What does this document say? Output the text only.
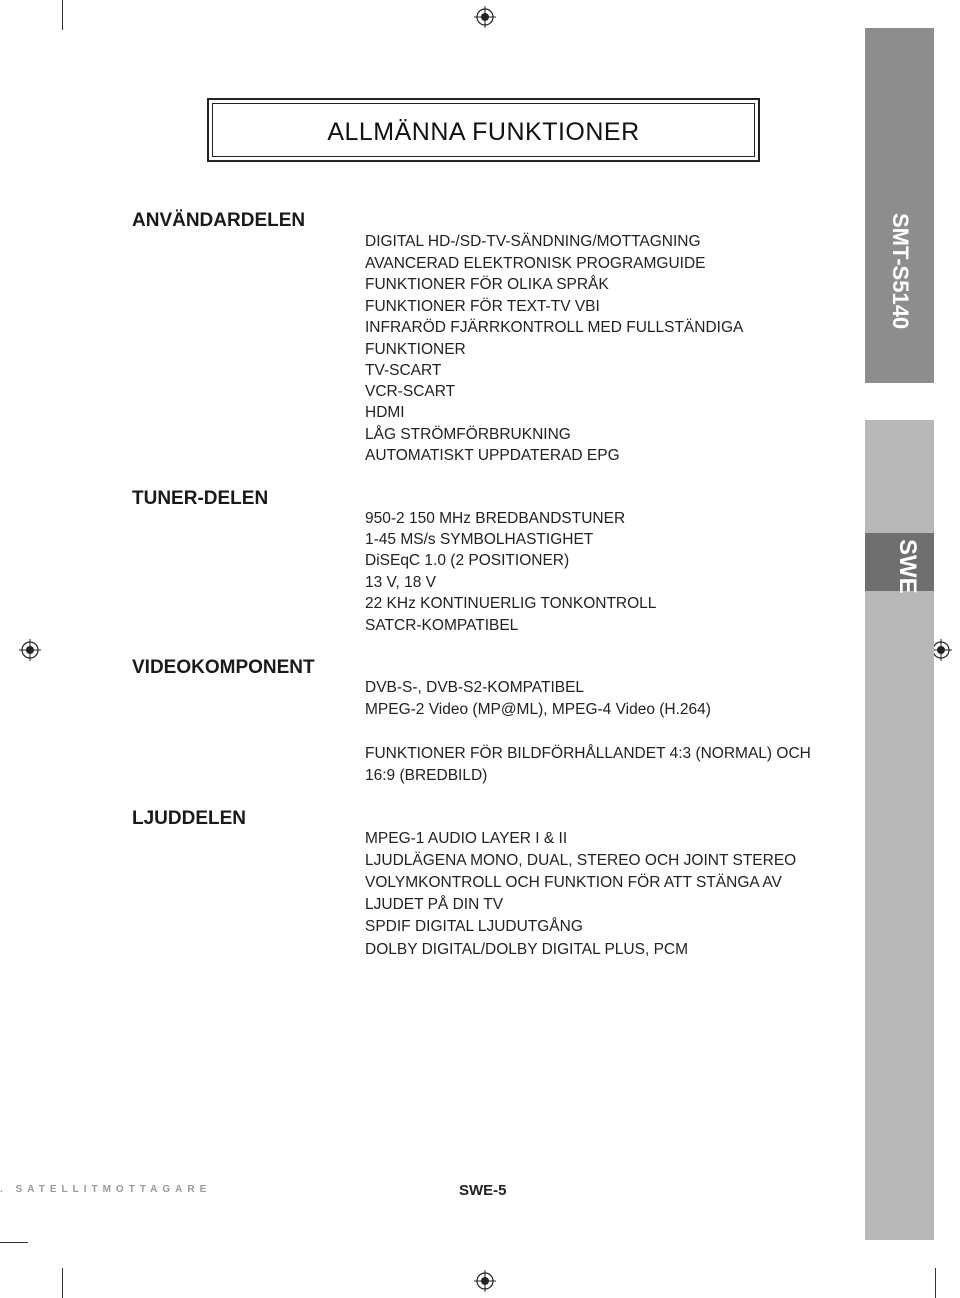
SMT-S5140
SWE
ALLMÄNNA FUNKTIONER
ANVÄNDARDELEN
DIGITAL HD-/SD-TV-SÄNDNING/MOTTAGNING
AVANCERAD ELEKTRONISK PROGRAMGUIDE
FUNKTIONER FÖR OLIKA SPRÅK
FUNKTIONER FÖR TEXT-TV VBI
INFRARÖD FJÄRRKONTROLL MED FULLSTÄNDIGA
FUNKTIONER
TV-SCART
VCR-SCART
HDMI
LÅG STRÖMFÖRBRUKNING
AUTOMATISKT UPPDATERAD EPG
TUNER-DELEN
950-2 150 MHz BREDBANDSTUNER
1-45 MS/s SYMBOLHASTIGHET
DiSEqC 1.0 (2 POSITIONER)
13 V, 18 V
22 KHz KONTINUERLIG TONKONTROLL
SATCR-KOMPATIBEL
VIDEOKOMPONENT
DVB-S-, DVB-S2-KOMPATIBEL
MPEG-2 Video (MP@ML), MPEG-4 Video (H.264)
FUNKTIONER FÖR BILDFÖRHÅLLANDET 4:3 (NORMAL) OCH
16:9 (BREDBILD)
LJUDDELEN
MPEG-1 AUDIO LAYER I & II
LJUDLÄGENA MONO, DUAL, STEREO OCH JOINT STEREO
VOLYMKONTROLL OCH FUNKTION FÖR ATT STÄNGA AV
LJUDET PÅ DIN TV
SPDIF DIGITAL LJUDUTGÅNG
DOLBY DIGITAL/DOLBY DIGITAL PLUS, PCM
. SATELLITMOTTAGARE	SWE-5
